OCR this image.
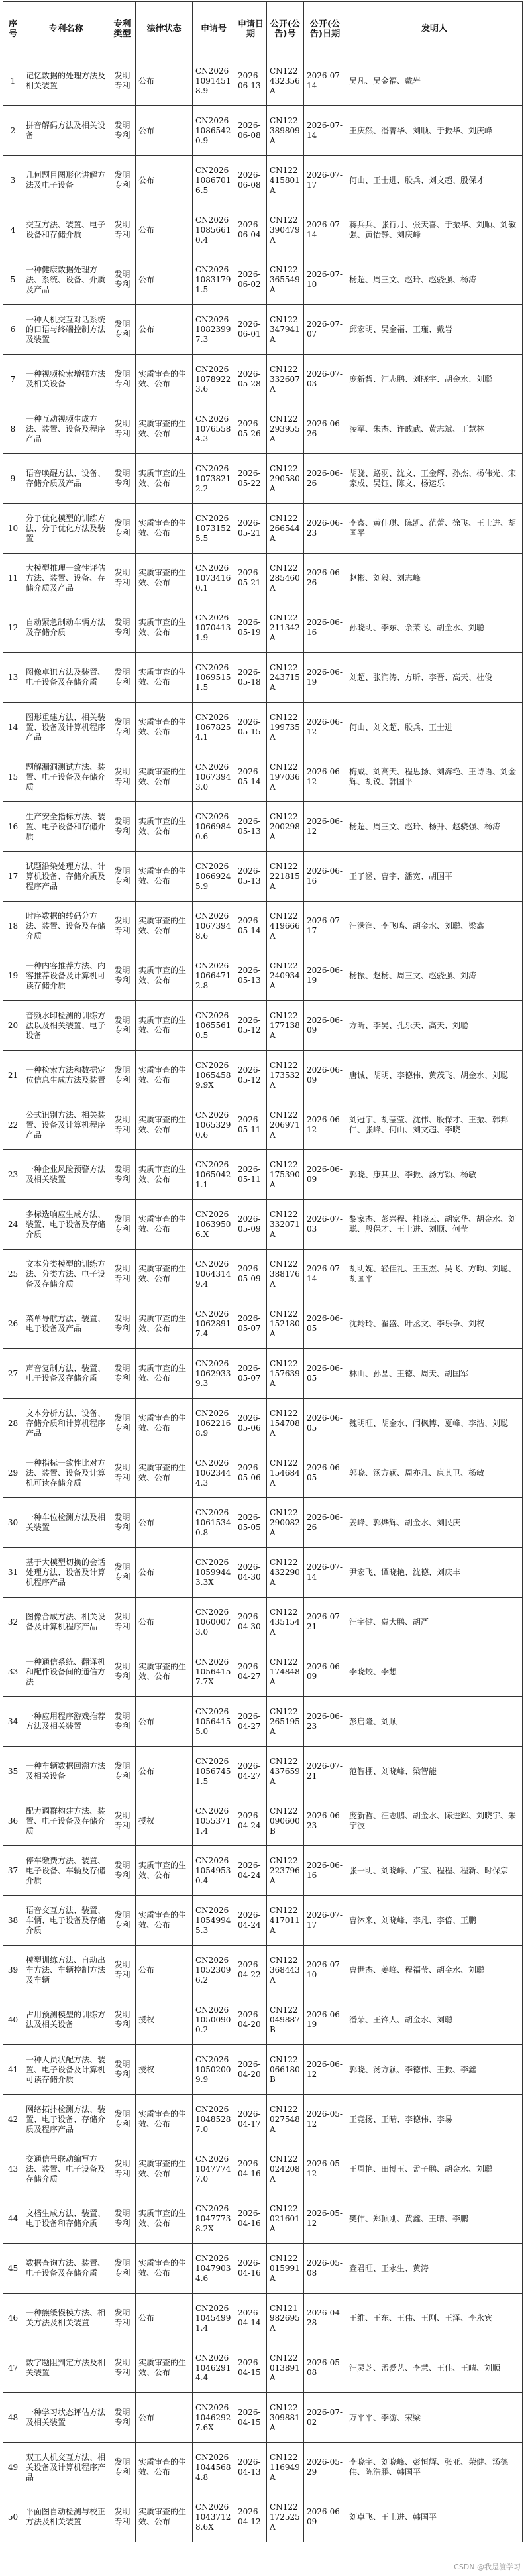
序号	专利名称	专利类型	法律状态	申请号	申请日期	公开(公告)号	公开(公告)日期	发明人
1	记忆数据的处理方法及相关装置	发明专利	公布	CN202610914518.9	2026-06-13	CN122432356A	2026-07-14	吴凡、吴金福、戴岩
2	拼音解码方法及相关设备	发明专利	公布	CN202610865420.9	2026-06-08	CN122389809A	2026-07-14	王庆然、潘菁华、刘顺、于振华、刘庆峰
3	几何题目图形化讲解方法及电子设备	发明专利	公布	CN202610867016.5	2026-06-08	CN122415801A	2026-07-17	何山、王士进、殷兵、刘文超、殷保才
4	交互方法、装置、电子设备和存储介质	发明专利	公布	CN202610856610.4	2026-06-04	CN122390479A	2026-07-14	蒋兵兵、张行月、张天喜、于振华、刘顺、刘敏强、黄怡静、刘庆峰
5	一种健康数据处理方法、系统、设备、介质及产品	发明专利	公布	CN202610831791.5	2026-06-02	CN122365549A	2026-07-10	杨超、周三文、赵玲、赵骁强、杨涛
6	一种人机交互对话系统的口语与终端控制方法及装置	发明专利	公布	CN202610823997.3	2026-06-01	CN122347941A	2026-07-07	邱宏明、吴金福、王瑾、戴岩
7	一种视频检索增强方法及相关设备	发明专利	实质审查的生效、公布	CN202610789223.6	2026-05-28	CN122332607A	2026-07-03	庞新哲、汪志鹏、刘晓宇、胡金水、刘聪
8	一种互动视频生成方法、装置、设备及程序产品	发明专利	实质审查的生效、公布	CN202610765584.3	2026-05-26	CN122293955A	2026-06-26	凌军、朱杰、许戚武、黄志斌、丁慧林
9	语音唤醒方法、设备、存储介质及产品	发明专利	实质审查的生效、公布	CN202610738212.2	2026-05-22	CN122290580A	2026-06-26	胡骁、路羽、沈文、王金辉、孙杰、杨伟光、宋家成、吴钰、陈文、杨运乐
10	分子优化模型的训练方法、分子优化方法及装置	发明专利	实质审查的生效、公布	CN202610731525.5	2026-05-21	CN122266544A	2026-06-23	李鑫、黄佳琪、陈凯、范蕾、徐飞、王士进、胡国平
11	大模型推理一致性评估方法、装置、设备、存储介质及产品	发明专利	实质审查的生效、公布	CN202610734160.1	2026-05-21	CN122285460A	2026-06-26	赵彬、刘毅、刘志峰
12	自动紧急制动车辆方法及存储介质	发明专利	实质审查的生效、公布	CN202610704131.9	2026-05-19	CN122211342A	2026-06-16	孙晓明、李东、余茉飞、胡金水、刘聪
13	图像卓识方法及装置、电子设备及存储介质	发明专利	实质审查的生效、公布	CN202610695151.5	2026-05-18	CN122243715A	2026-06-19	刘超、张润涛、方昕、李晋、高天、杜俊
14	图形重建方法、相关装置、设备及计算机程序产品	发明专利	实质审查的生效、公布	CN202610678254.1	2026-05-15	CN122199735A	2026-06-12	何山、刘文超、殷兵、王士进
15	题解漏洞测试方法、装置、电子设备及存储介质	发明专利	实质审查的生效、公布	CN202610673943.0	2026-05-14	CN122197036A	2026-06-12	梅咸、刘高天、程思扬、刘海艳、王诗语、刘金辉、胡锐、韩国平
16	生产安全指标方法、装置、电子设备和存储介质	发明专利	实质审查的生效、公布	CN202610669840.6	2026-05-13	CN122200298A	2026-06-12	杨超、周三文、赵玲、杨升、赵骁强、杨涛
17	试题沿染处理方法、计算机设备、存储介质及程序产品	发明专利	实质审查的生效、公布	CN202610669245.9	2026-05-13	CN122221815A	2026-06-16	王子涵、曹宇、潘宽、胡国平
18	时序数据的转码分方法、装置、设备及存储介质	发明专利	实质审查的生效、公布	CN202610673948.6	2026-05-14	CN122419666A	2026-07-17	汪满润、李飞鸣、胡金水、刘聪、梁鑫
19	一种内容推荐方法、内容推荐设备及计算机可读存储介质	发明专利	实质审查的生效、公布	CN202610664712.8	2026-05-13	CN122240934A	2026-06-19	杨振、赵杨、周三文、赵骁强、刘涛
20	音频水印检测的训练方法以及相关装置、电子设备	发明专利	实质审查的生效、公布	CN202610655610.5	2026-05-12	CN122177138A	2026-06-09	方昕、李昊、孔乐天、高天、刘聪
21	一种检索方法和数据定位信息生成方法及装置	发明专利	实质审查的生效、公布	CN202610654589.9X	2026-05-12	CN122173532A	2026-06-09	唐诚、胡明、李德伟、黄茂飞、胡金水、刘聪
22	公式识别方法、相关装置、设备及计算机程序产品	发明专利	实质审查的生效、公布	CN202610653290.6	2026-05-11	CN122206971A	2026-06-12	刘冠宇、胡莹莹、沈伟、殷保才、王振、韩邦仁、张峰、何山、刘文超、李晓
23	一种企业风险预警方法及相关装置	发明专利	实质审查的生效、公布	CN202610650421.1	2026-05-11	CN122175390A	2026-06-09	郭晓、康其卫、李振、汤方颖、杨敏
24	多标选响应生成方法、装置、电子设备及存储介质	发明专利	实质审查的生效、公布	CN202610639506.X	2026-05-09	CN122332071A	2026-07-03	黎家杰、彭兴程、杜晓云、胡家华、胡金水、刘聪、殷保才、王士进、刘顺、何莹
25	文本分类模型的训练方法、分类方法、电子设备及存储介质	发明专利	实质审查的生效、公布	CN202610643149.4	2026-05-09	CN122388176A	2026-07-14	胡明婉、轻佳礼、王玉杰、吴飞、方昀、刘聪、胡国平
26	菜单导航方法、装置、电子设备及产品	发明专利	实质审查的生效、公布	CN202610628917.4	2026-05-07	CN122152180A	2026-06-05	沈羚玲、翟盛、叶丞文、李乐争、刘权
27	声音复制方法、装置、电子设备及存储介质	发明专利	实质审查的生效、公布	CN202610629339.3	2026-05-07	CN122157639A	2026-06-05	林山、孙晶、王德、周天、胡国军
28	文本分析方法、设备、存储介质和计算机程序产品	发明专利	实质审查的生效、公布	CN202610622168.9	2026-05-06	CN122154708A	2026-06-05	魏明旺、胡金水、闫枫博、夏峰、李浩、刘聪
29	一种指标一致性比对方法、装置、设备及计算机可读存储介质	发明专利	实质审查的生效、公布	CN202610623444.3	2026-05-06	CN122154684A	2026-06-05	郭晓、汤方颖、周亦凡、康其卫、杨敏
30	一种车位检测方法及相关装置	发明专利	公布	CN202610615340.8	2026-05-05	CN122290082A	2026-06-26	姜峰、郭烨辉、胡金水、刘民庆
31	基于大模型切换的会话处理方法、设备及计算机程序产品	发明专利	公布	CN202610599443.3X	2026-04-30	CN122432290A	2026-07-14	尹宏飞、谭晓艳、沈德、刘庆丰
32	图像合成方法、相关设备及计算机程序产品	发明专利	公布	CN202610600073.0	2026-04-30	CN122435154A	2026-07-21	汪宇健、费大鹏、胡严
33	一种通信系统、翻译机和配件设备间的通信方法	发明专利	实质审查的生效、公布	CN202610564157.7X	2026-04-27	CN122174848A	2026-06-09	李晓蛟、李想
34	一种应用程序游戏推荐方法及相关装置	发明专利	公布	CN202610564155.0	2026-04-27	CN122265195A	2026-06-23	彭启隆、刘顺
35	一种车辆数据回溯方法及相关设备	发明专利	公布	CN202610567451.5	2026-04-27	CN122437659A	2026-07-21	范智棚、刘晓峰、梁智能
36	配力调群构建方法、装置、电子设备及存储介质	发明专利	授权	CN202610553711.4	2026-04-24	CN122090600B	2026-06-23	庞新哲、汪志鹏、胡金水、陈进辉、刘晓宇、朱宁波
37	停车缴费方法、装置、电子设备、车辆及存储介质	发明专利	实质审查的生效、公布	CN202610549530.4	2026-04-24	CN122223796A	2026-06-16	张一明、刘晓峰、卢宝、程程、程新、时保宗
38	语音交互方法、装置、车辆、电子设备及存储介质	发明专利	实质审查的生效、公布	CN202610549945.3	2026-04-24	CN122417011A	2026-07-17	曹沐来、刘晓峰、李凡、李倍、王鹏
39	模型训练方法、自动出车方法、车辆控制方法及车辆	发明专利	公布	CN202610523096.2	2026-04-22	CN122368443A	2026-07-10	曹世杰、姜峰、程福莹、胡金水、刘聪
40	占用预测模型的训练方法及相关设备	发明专利	授权	CN202610500900.2	2026-04-20	CN122049887B	2026-06-19	潘荣、王锋人、胡金水、刘聪
41	一种人员状配方法、装置、电子设备及计算机可读存储介质	发明专利	授权	CN202610502009.9	2026-04-20	CN122066180B	2026-06-12	郭晓、汤方颖、李德伟、王振、李鑫
42	网络拓扑检测方法、装置、电子设备、存储介质及程序产品	发明专利	实质审查的生效、公布	CN202610485287.0	2026-04-17	CN122027548A	2026-05-12	王竞扬、王晴、李德伟、李易
43	交通信号联动编写方法、装置、电子设备及存储介质	发明专利	实质审查的生效、公布	CN202610477747.0	2026-04-16	CN122024208A	2026-05-12	王周艳、田博玉、孟子鹏、胡金水、刘聪
44	文档生成方法、装置、电子设备和存储介质	发明专利	实质审查的生效、公布	CN202610477738.2X	2026-04-16	CN122021601A	2026-05-12	樊伟、郑顶刚、黄鑫、王晴、李鹏
45	数据查询方法、装置、电子设备及存储介质	发明专利	实质审查的生效、公布	CN202610479034.6	2026-04-16	CN122015991A	2026-05-08	查君旺、王永生、黄涛
46	一种熊缓慢模方法、相关方法及相关装置	发明专利	公布	CN202610454991.4	2026-04-14	CN121982695A	2026-04-28	王维、王东、王伟、王刚、王泽、李永宾
47	数字题阻判定方法及相关装置	发明专利	实质审查的生效、公布	CN202610462914.4	2026-04-15	CN122013891A	2026-05-08	汪灵芝、孟爱艺、李慧、王佳、王晴、刘顺
48	一种学习状态评估方法及相关装置	发明专利	公布	CN202610462927.6X	2026-04-15	CN122309881A	2026-07-02	万平平、李游、宋梁
49	双工人机交互方法、相关设备及计算机程序产品	发明专利	实质审查的生效、公布	CN202610445684.8	2026-04-13	CN122116949A	2026-05-29	李晓宇、刘晓峰、彭恒辉、张亚、荣健、汤德伟、陈浩鹏、韩国平
50	平面图自动检测与校正方法及相关装置	发明专利	实质审查的生效、公布	CN202610437128.6X	2026-04-12	CN122172525A	2026-06-09	刘卓飞、王士进、韩国平
CSDN @我是渡学习
